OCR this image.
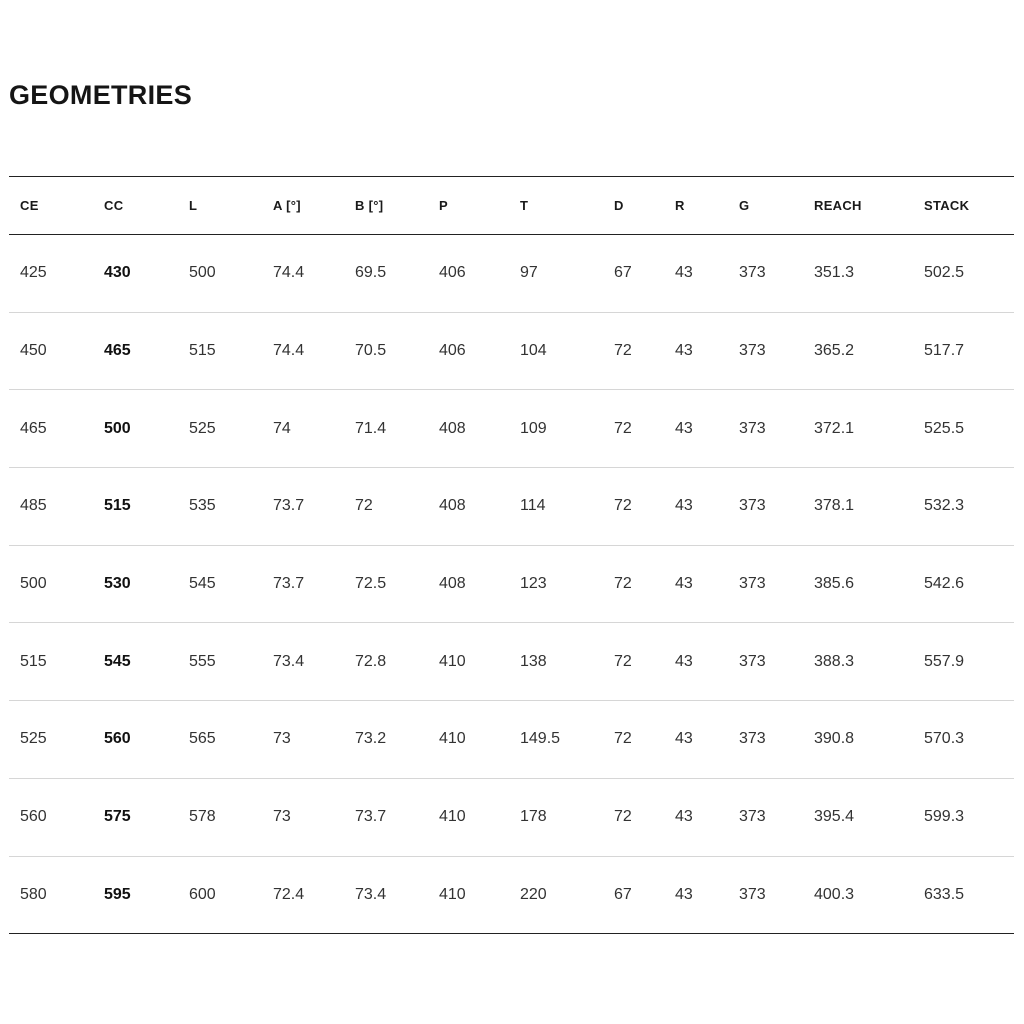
GEOMETRIES
CE	CC	L	A [°]	B [°]	P	T	D	R	G	REACH	STACK
425	430	500	74.4	69.5	406	97	67	43	373	351.3	502.5
450	465	515	74.4	70.5	406	104	72	43	373	365.2	517.7
465	500	525	74	71.4	408	109	72	43	373	372.1	525.5
485	515	535	73.7	72	408	114	72	43	373	378.1	532.3
500	530	545	73.7	72.5	408	123	72	43	373	385.6	542.6
515	545	555	73.4	72.8	410	138	72	43	373	388.3	557.9
525	560	565	73	73.2	410	149.5	72	43	373	390.8	570.3
560	575	578	73	73.7	410	178	72	43	373	395.4	599.3
580	595	600	72.4	73.4	410	220	67	43	373	400.3	633.5
